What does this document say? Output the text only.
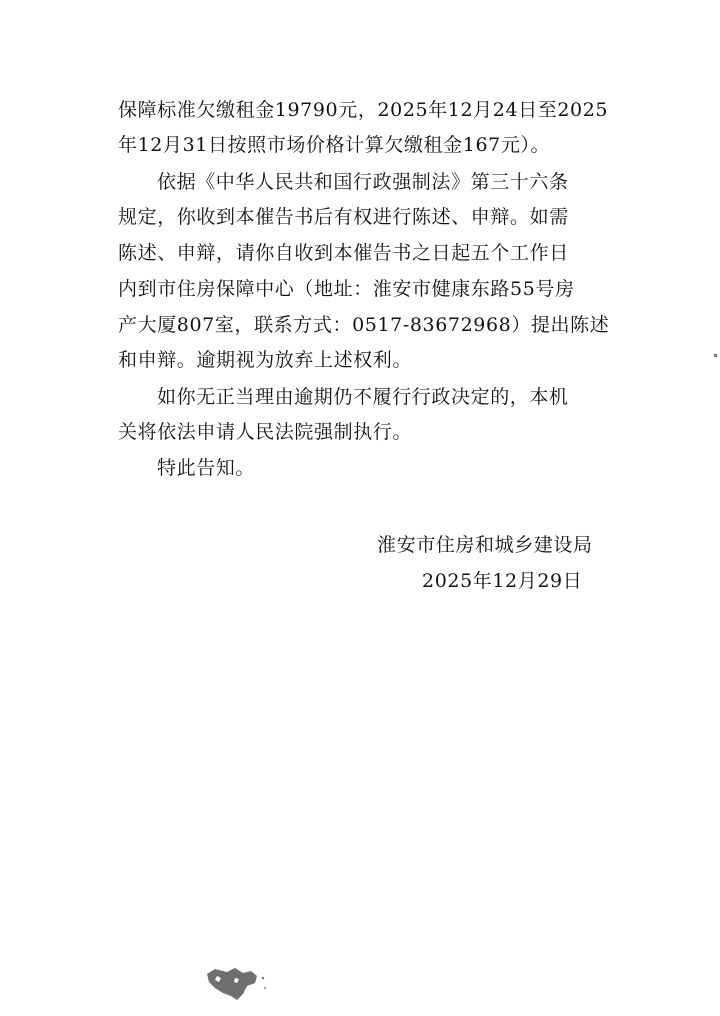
保障标准欠缴租金19790元，2025年12月24日至2025
年12月31日按照市场价格计算欠缴租金167元）。
依据《中华人民共和国行政强制法》第三十六条
规定，你收到本催告书后有权进行陈述、申辩。如需
陈述、申辩，请你自收到本催告书之日起五个工作日
内到市住房保障中心（地址：淮安市健康东路55号房
产大厦807室，联系方式：0517-83672968）提出陈述
和申辩。逾期视为放弃上述权利。
如你无正当理由逾期仍不履行行政决定的，本机
关将依法申请人民法院强制执行。
特此告知。
淮安市住房和城乡建设局
2025年12月29日
